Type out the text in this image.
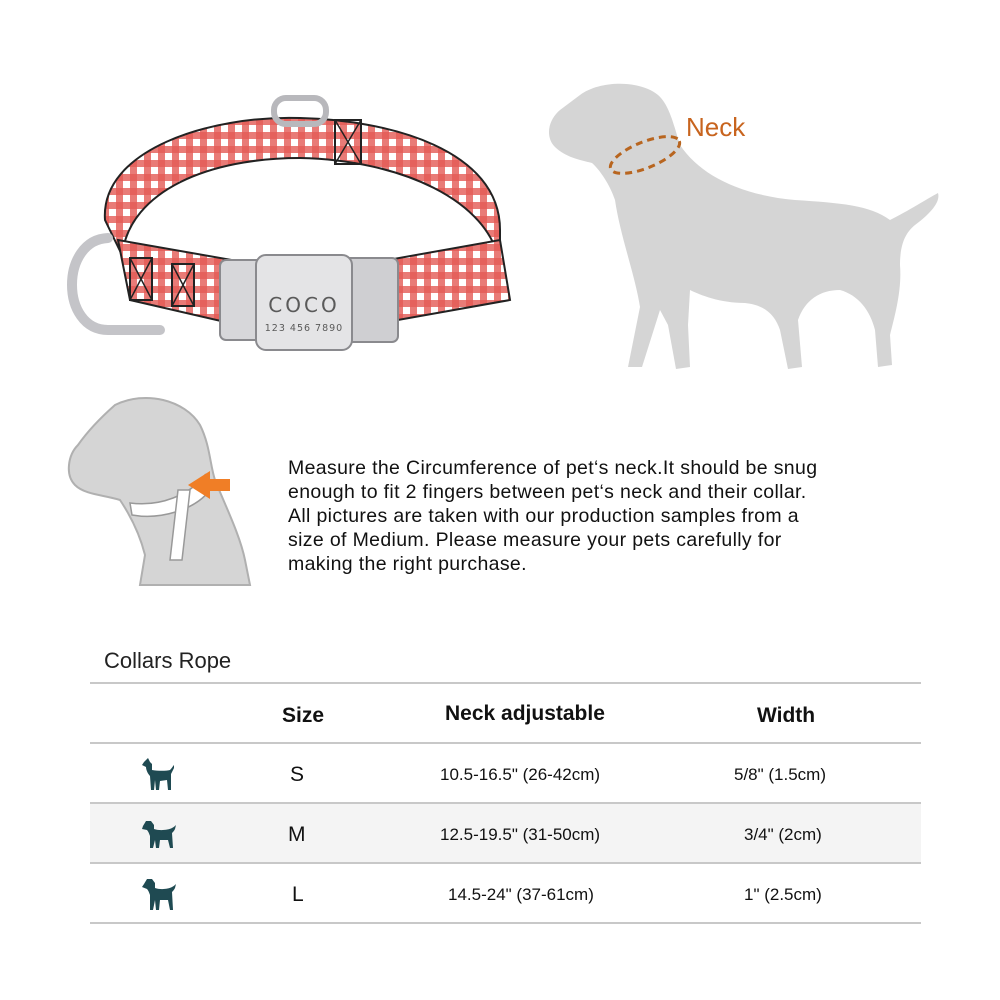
COCO
123 456 7890
Neck

Measure the Circumference of pet‘s neck.It should be snug

enough to fit 2 fingers between pet‘s neck and their collar.

All pictures are taken with our production samples from a

size of Medium. Please measure your pets carefully for

making the right purchase.

Collars Rope
Size	Neck adjustable	Width
S	10.5-16.5" (26-42cm)	5/8" (1.5cm)
M	12.5-19.5" (31-50cm)	3/4" (2cm)
L	14.5-24" (37-61cm)	1" (2.5cm)
